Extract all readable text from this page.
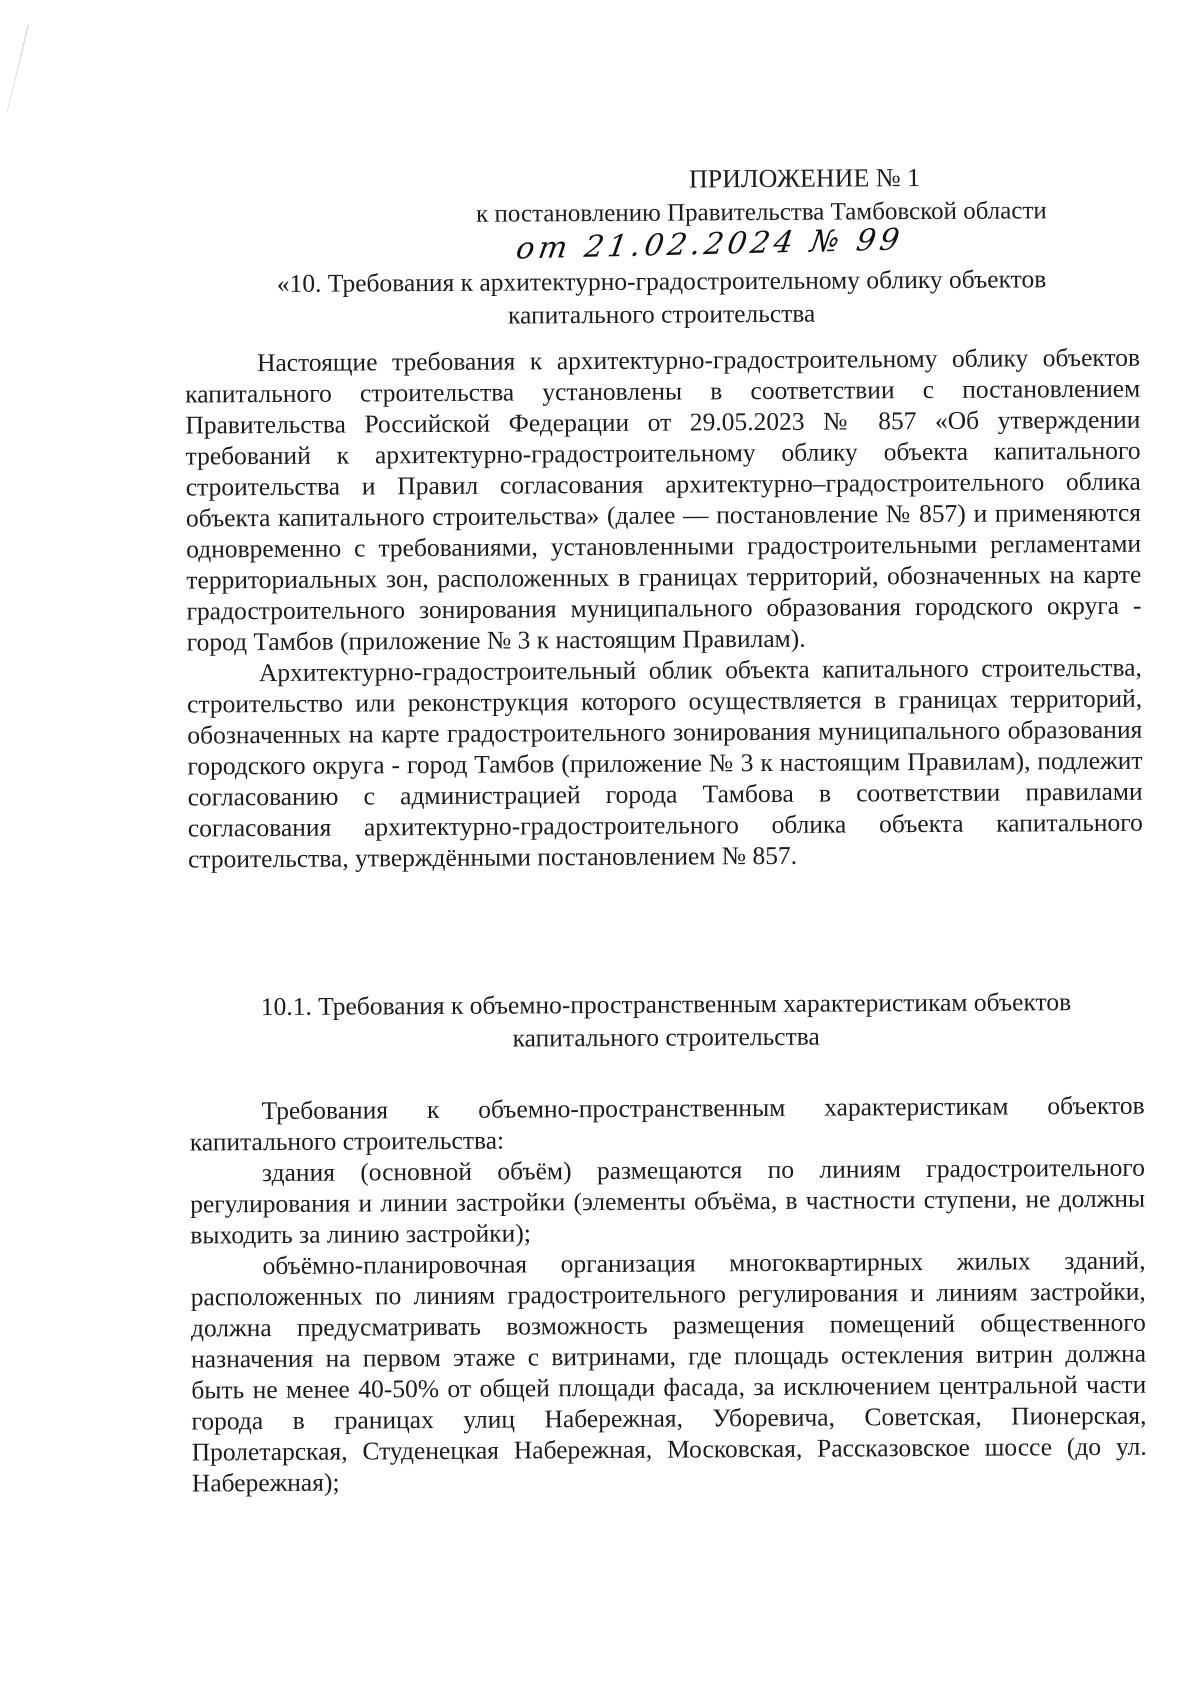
ПРИЛОЖЕНИЕ № 1
к постановлению Правительства Тамбовской области
от 21.02.2024 № 99
«10. Требования к архитектурно-градостроительному облику объектов
капитального строительства

Настоящие требования к архитектурно-градостроительному облику объектов капитального строительства установлены в соответствии с постановлением Правительства Российской Федерации от 29.05.2023 № 857 «Об утверждении требований к архитектурно-градостроительному облику объекта капитального строительства и Правил согласования архитектурно–градостроительного облика объекта капитального строительства» (далее — постановление № 857) и применяются одновременно с требованиями, установленными градостроительными регламентами территориальных зон, расположенных в границах территорий, обозначенных на карте градостроительного зонирования муниципального образования городского округа - город Тамбов (приложение № 3 к настоящим Правилам).

Архитектурно-градостроительный облик объекта капитального строительства, строительство или реконструкция которого осуществляется в границах территорий, обозначенных на карте градостроительного зонирования муниципального образования городского округа - город Тамбов (приложение № 3 к настоящим Правилам), подлежит согласованию с администрацией города Тамбова в соответствии правилами согласования архитектурно-градостроительного облика объекта капитального строительства, утверждёнными постановлением № 857.

10.1. Требования к объемно-пространственным характеристикам объектов
капитального строительства

Требования к объемно-пространственным характеристикам объектов капитального строительства:

здания (основной объём) размещаются по линиям градостроительного регулирования и линии застройки (элементы объёма, в частности ступени, не должны выходить за линию застройки);

объёмно-планировочная организация многоквартирных жилых зданий, расположенных по линиям градостроительного регулирования и линиям застройки, должна предусматривать возможность размещения помещений общественного назначения на первом этаже с витринами, где площадь остекления витрин должна быть не менее 40-50% от общей площади фасада, за исключением центральной части города в границах улиц Набережная, Уборевича, Советская, Пионерская, Пролетарская, Студенецкая Набережная, Московская, Рассказовское шоссе (до ул. Набережная);
